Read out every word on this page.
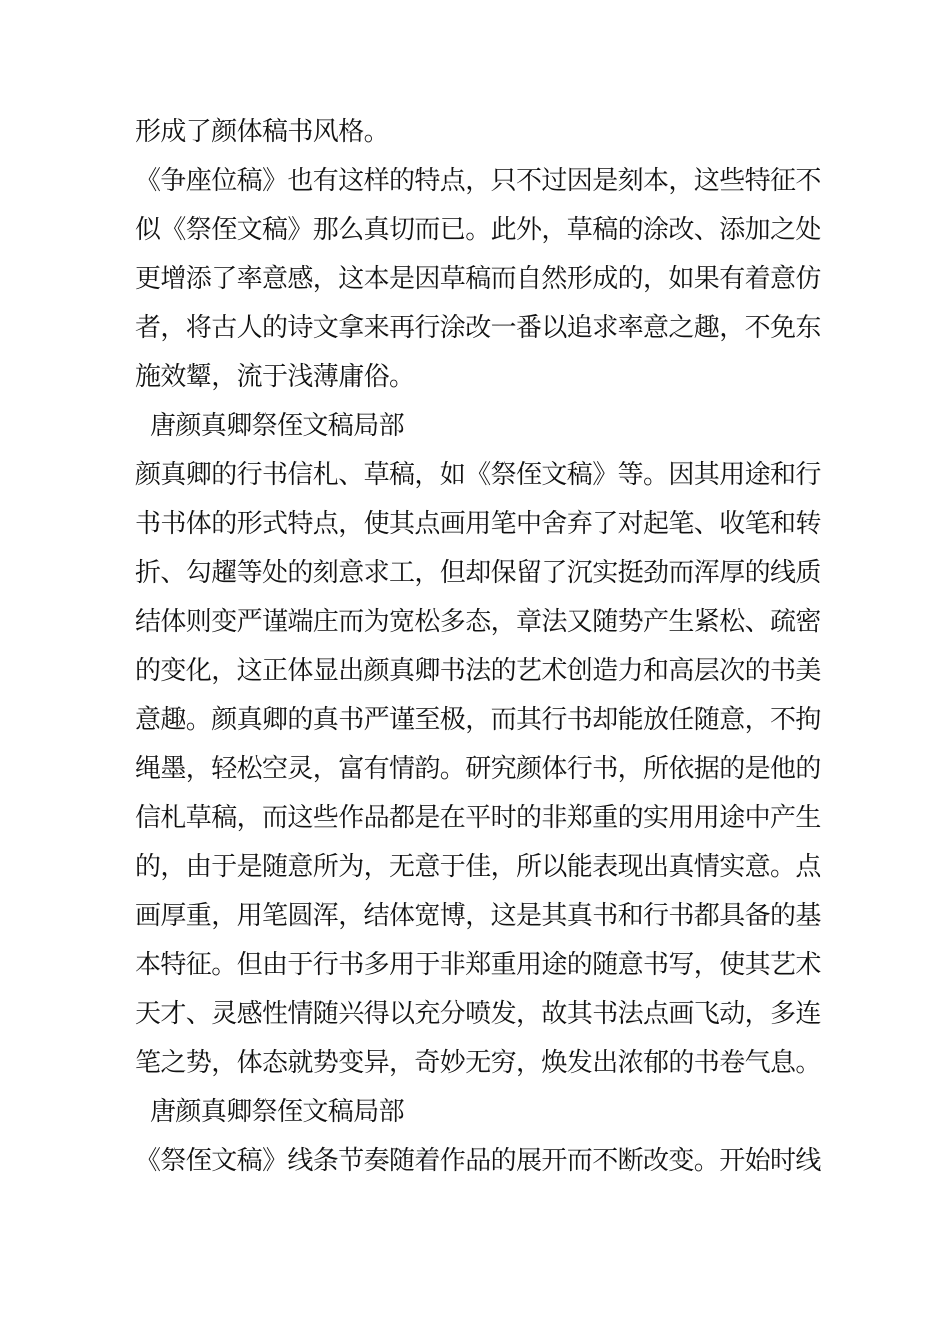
形成了颜体稿书风格。
《争座位稿》也有这样的特点，只不过因是刻本，这些特征不
似《祭侄文稿》那么真切而已。此外，草稿的涂改、添加之处
更增添了率意感，这本是因草稿而自然形成的，如果有着意仿
者，将古人的诗文拿来再行涂改一番以追求率意之趣，不免东
施效颦，流于浅薄庸俗。
唐颜真卿祭侄文稿局部
颜真卿的行书信札、草稿，如《祭侄文稿》等。因其用途和行
书书体的形式特点，使其点画用笔中舍弃了对起笔、收笔和转
折、勾趯等处的刻意求工，但却保留了沉实挺劲而浑厚的线质
结体则变严谨端庄而为宽松多态，章法又随势产生紧松、疏密
的变化，这正体显出颜真卿书法的艺术创造力和高层次的书美
意趣。颜真卿的真书严谨至极，而其行书却能放任随意，不拘
绳墨，轻松空灵，富有情韵。研究颜体行书，所依据的是他的
信札草稿，而这些作品都是在平时的非郑重的实用用途中产生
的，由于是随意所为，无意于佳，所以能表现出真情实意。点
画厚重，用笔圆浑，结体宽博，这是其真书和行书都具备的基
本特征。但由于行书多用于非郑重用途的随意书写，使其艺术
天才、灵感性情随兴得以充分喷发，故其书法点画飞动，多连
笔之势，体态就势变异，奇妙无穷，焕发出浓郁的书卷气息。
唐颜真卿祭侄文稿局部
《祭侄文稿》线条节奏随着作品的展开而不断改变。开始时线
